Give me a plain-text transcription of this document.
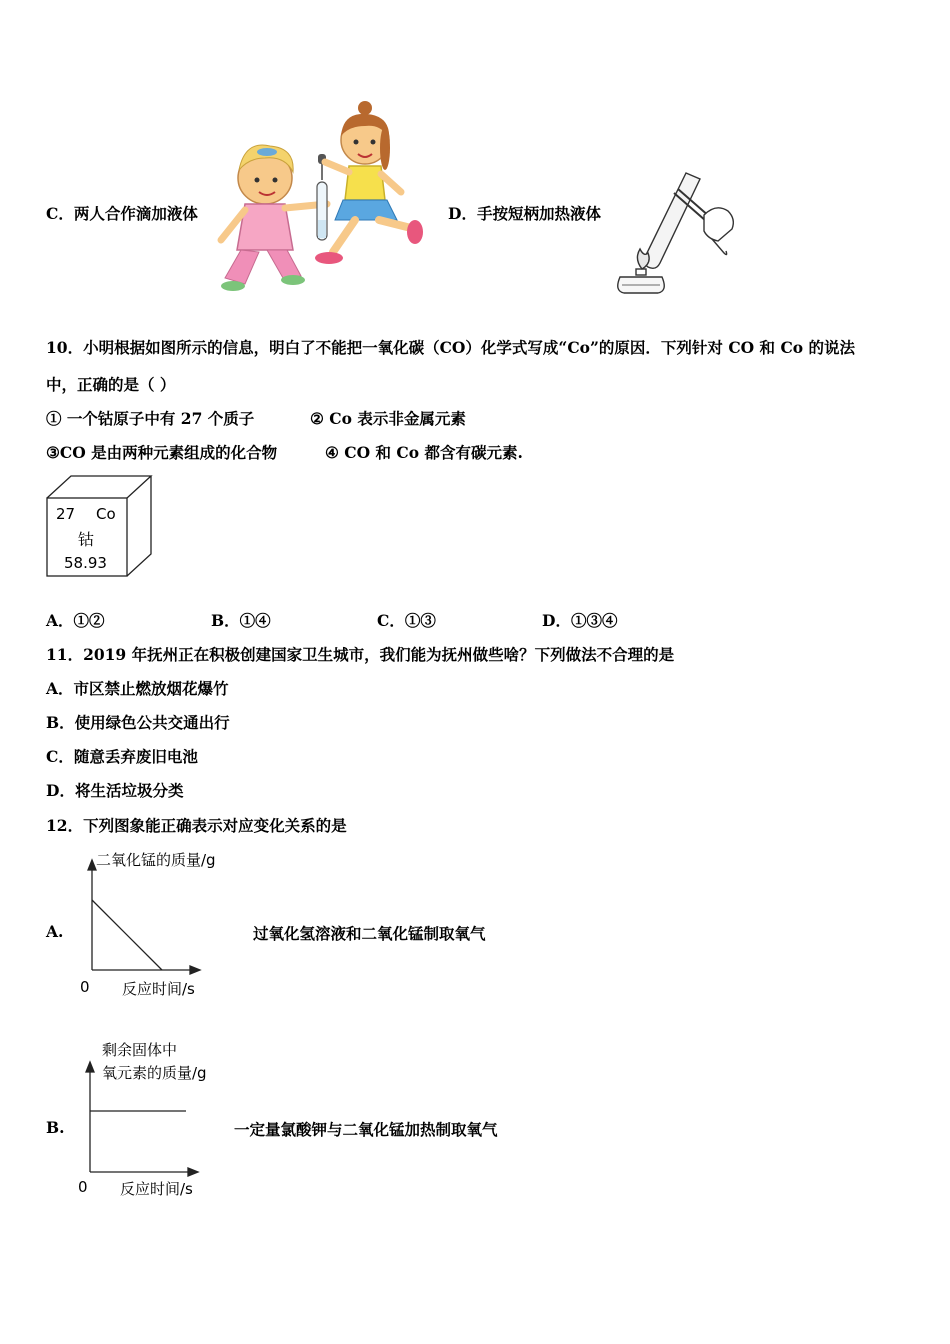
C．两人合作滴加液体	D．手按短柄加热液体
10．小明根据如图所示的信息，明白了不能把一氧化碳（CO）化学式写成“Co”的原因．下列针对 CO 和 Co 的说法
中，正确的是（ ）
① 一个钴原子中有 27 个质子	② Co 表示非金属元素
③CO 是由两种元素组成的化合物	④ CO 和 Co 都含有碳元素.
27 Co
钴
58.93
A．①②	B．①④	C．①③	D．①③④
11．2019 年抚州正在积极创建国家卫生城市，我们能为抚州做些啥？下列做法不合理的是
A．市区禁止燃放烟花爆竹
B．使用绿色公共交通出行
C．随意丢弃废旧电池
D．将生活垃圾分类
12．下列图象能正确表示对应变化关系的是
A.
二氧化锰的质量/g
0 反应时间/s
过氧化氢溶液和二氧化锰制取氧气
B.
剩余固体中
氧元素的质量/g
0 反应时间/s
一定量氯酸钾与二氧化锰加热制取氧气
